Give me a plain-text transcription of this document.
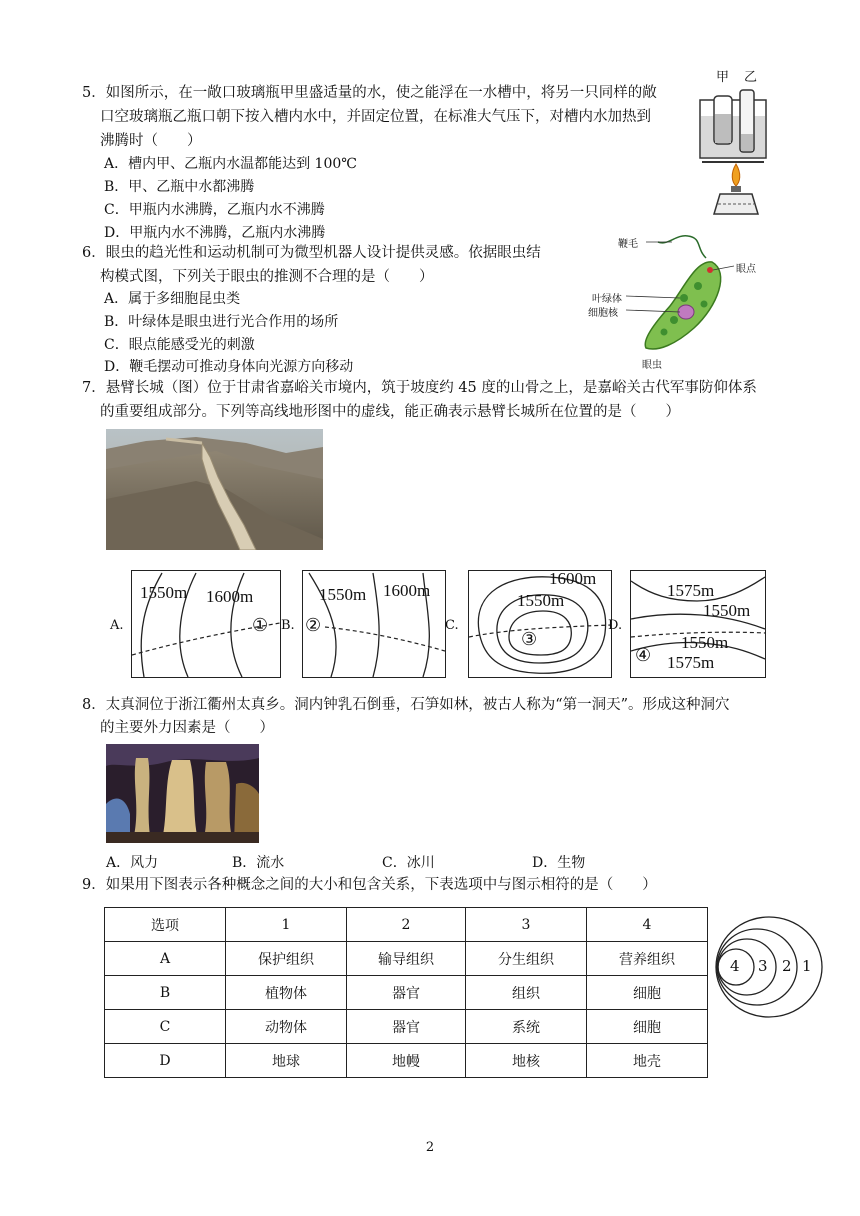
5．如图所示，在一敞口玻璃瓶甲里盛适量的水，使之能浮在一水槽中，将另一只同样的敞
口空玻璃瓶乙瓶口朝下按入槽内水中，并固定位置，在标准大气压下，对槽内水加热到
沸腾时（　　）
A．槽内甲、乙瓶内水温都能达到 100℃
B．甲、乙瓶中水都沸腾
C．甲瓶内水沸腾，乙瓶内水不沸腾
D．甲瓶内水不沸腾，乙瓶内水沸腾
甲 乙
6．眼虫的趋光性和运动机制可为微型机器人设计提供灵感。依据眼虫结
构模式图，下列关于眼虫的推测不合理的是（　　）
A．属于多细胞昆虫类
B．叶绿体是眼虫进行光合作用的场所
C．眼点能感受光的刺激
D．鞭毛摆动可推动身体向光源方向移动
鞭毛
眼点
叶绿体
细胞核
眼虫
7．悬臂长城（图）位于甘肃省嘉峪关市境内，筑于坡度约 45 度的山骨之上，是嘉峪关古代军事防仰体系
的重要组成部分。下列等高线地形图中的虚线，能正确表示悬臂长城所在位置的是（　　）
A.
1550m 1600m
① B.
1550m 1600m
②	C.
1600m
1550m
③
D.
1575m
1550m
1550m
1575m
④
8．太真洞位于浙江衢州太真乡。洞内钟乳石倒垂，石笋如林，被古人称为“第一洞天”。形成这种洞穴
的主要外力因素是（　　）
A．风力	B．流水	C．冰川	D．生物
9．如果用下图表示各种概念之间的大小和包含关系，下表选项中与图示相符的是（　　）
选项	1	2	3	4
A	保护组织	输导组织	分生组织	营养组织
B	植物体	器官	组织	细胞
C	动物体	器官	系统	细胞
D	地球	地幔	地核	地壳
4 3 2 1
2
